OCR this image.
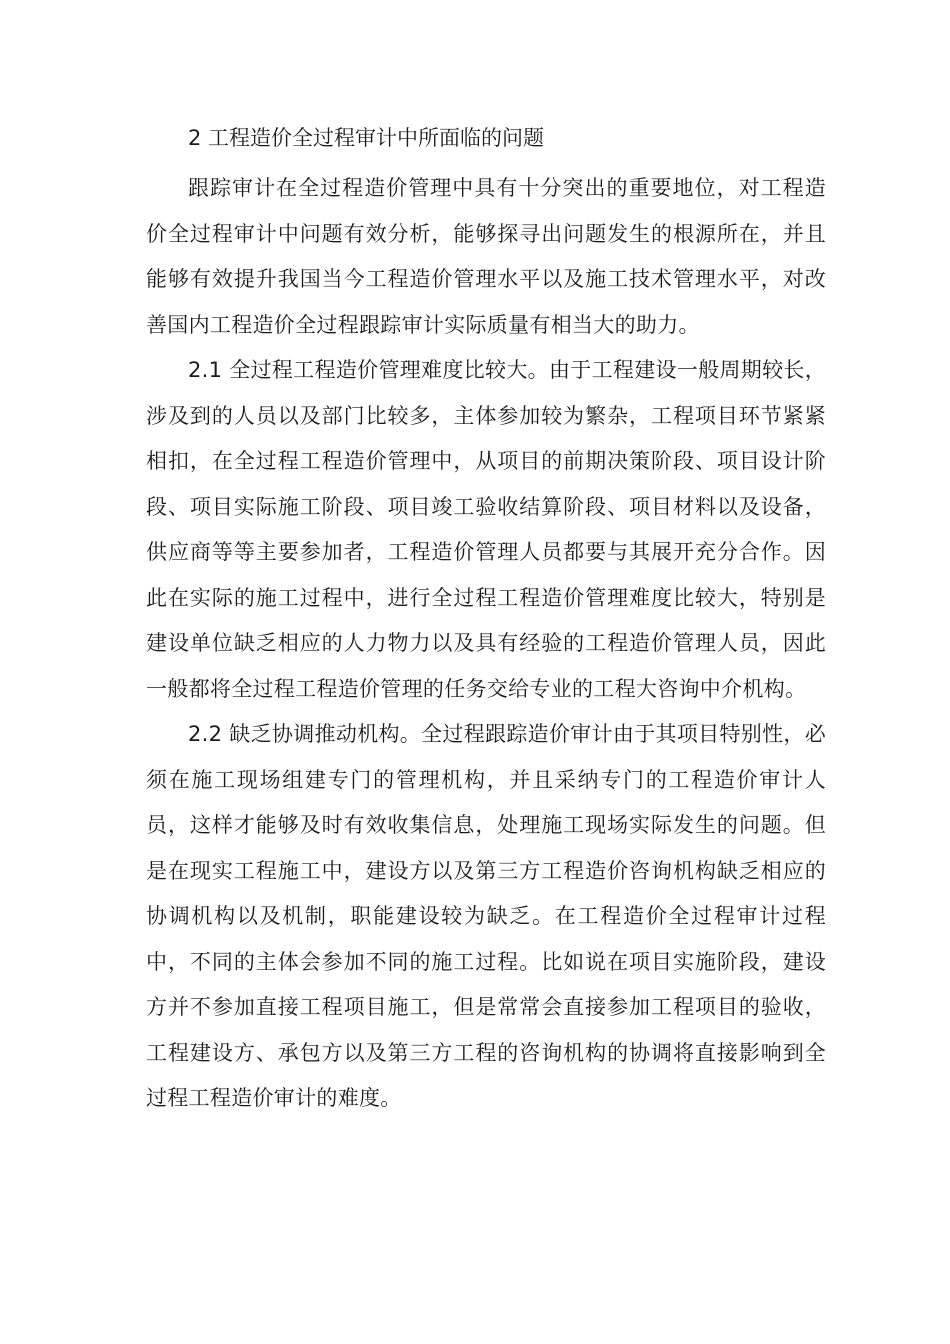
2 工程造价全过程审计中所面临的问题

跟踪审计在全过程造价管理中具有十分突出的重要地位，对工程造价全过程审计中问题有效分析，能够探寻出问题发生的根源所在，并且能够有效提升我国当今工程造价管理水平以及施工技术管理水平，对改善国内工程造价全过程跟踪审计实际质量有相当大的助力。

2.1 全过程工程造价管理难度比较大。由于工程建设一般周期较长，涉及到的人员以及部门比较多，主体参加较为繁杂，工程项目环节紧紧相扣，在全过程工程造价管理中，从项目的前期决策阶段、项目设计阶段、项目实际施工阶段、项目竣工验收结算阶段、项目材料以及设备，供应商等等主要参加者，工程造价管理人员都要与其展开充分合作。因此在实际的施工过程中，进行全过程工程造价管理难度比较大，特别是建设单位缺乏相应的人力物力以及具有经验的工程造价管理人员，因此一般都将全过程工程造价管理的任务交给专业的工程大咨询中介机构。

2.2 缺乏协调推动机构。全过程跟踪造价审计由于其项目特别性，必须在施工现场组建专门的管理机构，并且采纳专门的工程造价审计人员，这样才能够及时有效收集信息，处理施工现场实际发生的问题。但是在现实工程施工中，建设方以及第三方工程造价咨询机构缺乏相应的协调机构以及机制，职能建设较为缺乏。在工程造价全过程审计过程中，不同的主体会参加不同的施工过程。比如说在项目实施阶段，建设方并不参加直接工程项目施工，但是常常会直接参加工程项目的验收，工程建设方、承包方以及第三方工程的咨询机构的协调将直接影响到全过程工程造价审计的难度。
